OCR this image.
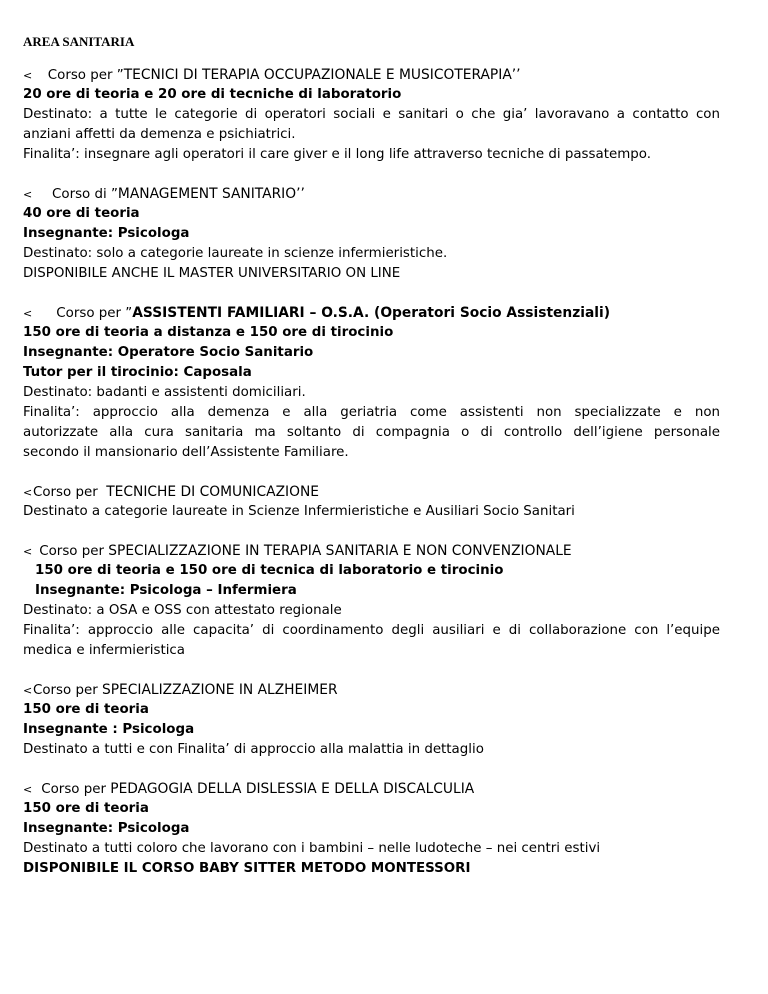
AREA SANITARIA
< Corso per ”TECNICI DI TERAPIA OCCUPAZIONALE E MUSICOTERAPIA’’
20 ore di teoria e 20 ore di tecniche di laboratorio
Destinato: a tutte le categorie di operatori sociali e sanitari o che gia’ lavoravano a contatto con
anziani affetti da demenza e psichiatrici.
Finalita’: insegnare agli operatori il care giver e il long life attraverso tecniche di passatempo.
< Corso di ”MANAGEMENT SANITARIO’’
40 ore di teoria
Insegnante: Psicologa
Destinato: solo a categorie laureate in scienze infermieristiche.
DISPONIBILE ANCHE IL MASTER UNIVERSITARIO ON LINE
< Corso per ”ASSISTENTI FAMILIARI – O.S.A. (Operatori Socio Assistenziali)
150 ore di teoria a distanza e 150 ore di tirocinio
Insegnante: Operatore Socio Sanitario
Tutor per il tirocinio: Caposala
Destinato: badanti e assistenti domiciliari.
Finalita’: approccio alla demenza e alla geriatria come assistenti non specializzate e non
autorizzate alla cura sanitaria ma soltanto di compagnia o di controllo dell’igiene personale
secondo il mansionario dell’Assistente Familiare.
<Corso per  TECNICHE DI COMUNICAZIONE
Destinato a categorie laureate in Scienze Infermieristiche e Ausiliari Socio Sanitari
< Corso per SPECIALIZZAZIONE IN TERAPIA SANITARIA E NON CONVENZIONALE
150 ore di teoria e 150 ore di tecnica di laboratorio e tirocinio
Insegnante: Psicologa – Infermiera
Destinato: a OSA e OSS con attestato regionale
Finalita’: approccio alle capacita’ di coordinamento degli ausiliari e di collaborazione con l’equipe
medica e infermieristica
<Corso per SPECIALIZZAZIONE IN ALZHEIMER
150 ore di teoria
Insegnante : Psicologa
Destinato a tutti e con Finalita’ di approccio alla malattia in dettaglio
< Corso per PEDAGOGIA DELLA DISLESSIA E DELLA DISCALCULIA
150 ore di teoria
Insegnante: Psicologa
Destinato a tutti coloro che lavorano con i bambini – nelle ludoteche – nei centri estivi
DISPONIBILE IL CORSO BABY SITTER METODO MONTESSORI
